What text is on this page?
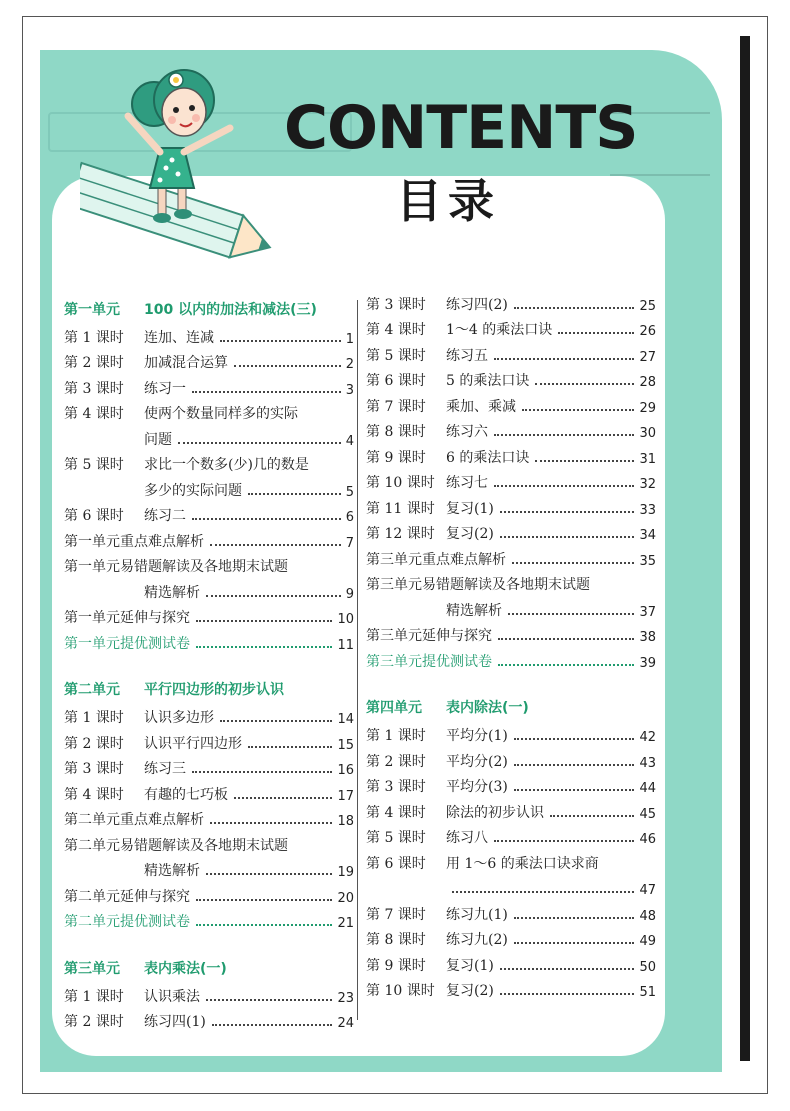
CONTENTS
目录
第一单元	100 以内的加法和减法(三)
第 1 课时	连加、连减	1
第 2 课时	加减混合运算	2
第 3 课时	练习一	3
第 4 课时	使两个数量同样多的实际
问题	4
第 5 课时	求比一个数多(少)几的数是
多少的实际问题	5
第 6 课时	练习二	6
第一单元重点难点解析	7
第一单元易错题解读及各地期末试题
精选解析	9
第一单元延伸与探究	10
第一单元提优测试卷	11
第二单元	平行四边形的初步认识
第 1 课时	认识多边形	14
第 2 课时	认识平行四边形	15
第 3 课时	练习三	16
第 4 课时	有趣的七巧板	17
第二单元重点难点解析	18
第二单元易错题解读及各地期末试题
精选解析	19
第二单元延伸与探究	20
第二单元提优测试卷	21
第三单元	表内乘法(一)
第 1 课时	认识乘法	23
第 2 课时	练习四(1)	24
第 3 课时	练习四(2)	25
第 4 课时	1～4 的乘法口诀	26
第 5 课时	练习五	27
第 6 课时	5 的乘法口诀	28
第 7 课时	乘加、乘减	29
第 8 课时	练习六	30
第 9 课时	6 的乘法口诀	31
第 10 课时 练习七	32
第 11 课时 复习(1)	33
第 12 课时 复习(2)	34
第三单元重点难点解析	35
第三单元易错题解读及各地期末试题
精选解析	37
第三单元延伸与探究	38
第三单元提优测试卷	39
第四单元	表内除法(一)
第 1 课时	平均分(1)	42
第 2 课时	平均分(2)	43
第 3 课时	平均分(3)	44
第 4 课时	除法的初步认识	45
第 5 课时	练习八	46
第 6 课时	用 1～6 的乘法口诀求商
47
第 7 课时	练习九(1)	48
第 8 课时	练习九(2)	49
第 9 课时	复习(1)	50
第 10 课时 复习(2)	51
